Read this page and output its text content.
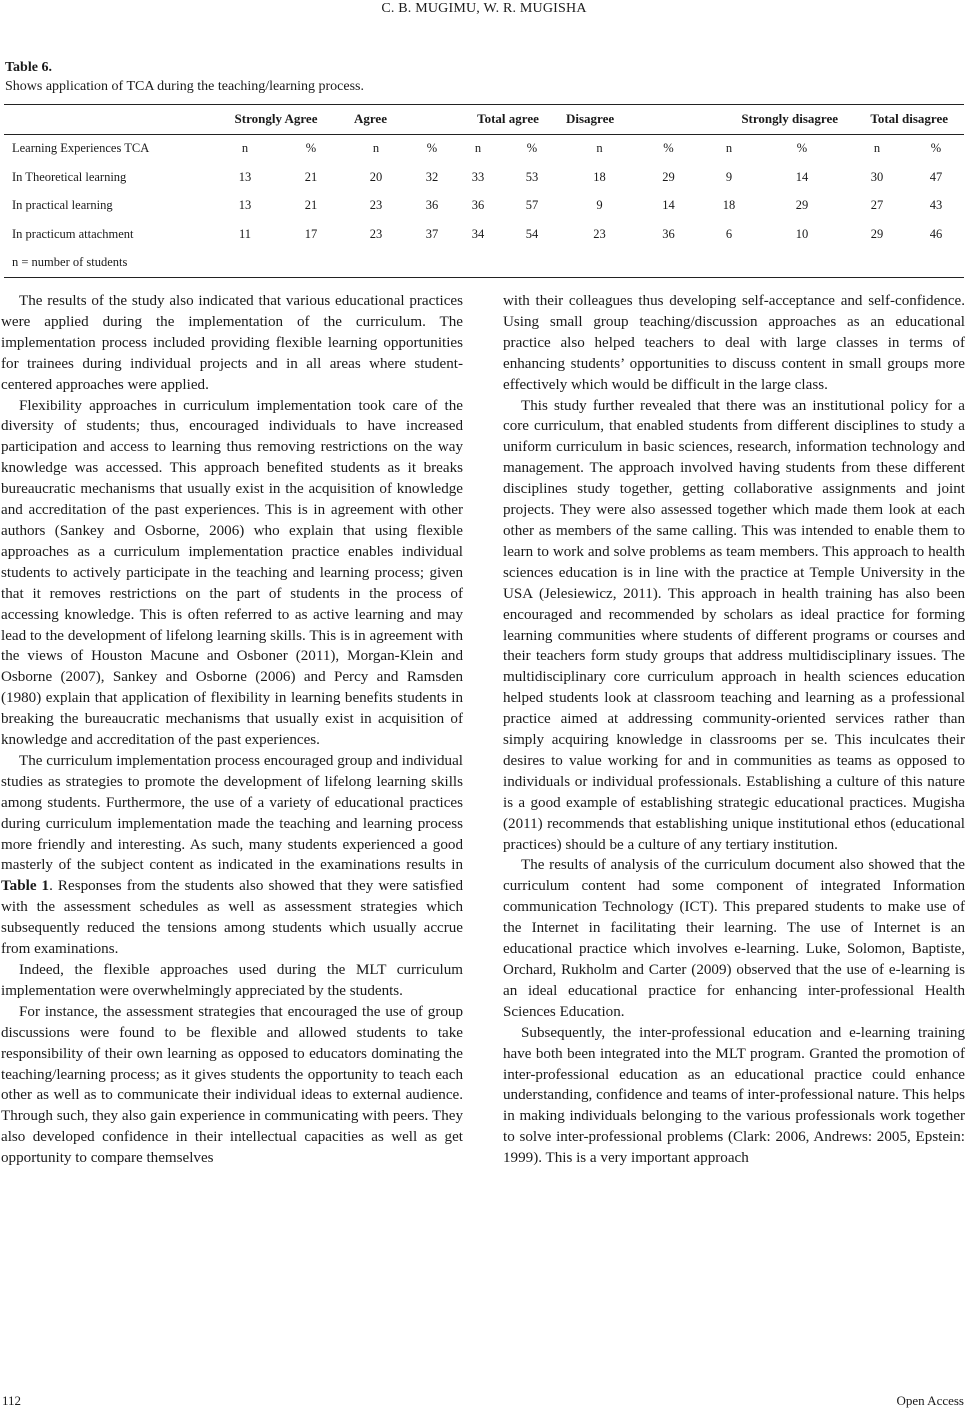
C. B. MUGIMU, W. R. MUGISHA
Table 6.
Shows application of TCA during the teaching/learning process.
	Strongly Agree		Agree		Total agree		Disagree		Strongly disagree		Total disagree	
Learning Experiences TCA	n	%	n	%	n	%	n	%	n	%	n	%
In Theoretical learning	13	21	20	32	33	53	18	29	9	14	30	47
In practical learning	13	21	23	36	36	57	9	14	18	29	27	43
In practicum attachment	11	17	23	37	34	54	23	36	6	10	29	46
n = number of students												

The results of the study also indicated that various educational practices were applied during the implementation of the curriculum. The implementation process included providing flexible learning opportunities for trainees during individual projects and in all areas where student-centered approaches were applied.

Flexibility approaches in curriculum implementation took care of the diversity of students; thus, encouraged individuals to have increased participation and access to learning thus removing restrictions on the way knowledge was accessed. This approach benefited students as it breaks bureaucratic mechanisms that usually exist in the acquisition of knowledge and accreditation of the past experiences. This is in agreement with other authors (Sankey and Osborne, 2006) who explain that using flexible approaches as a curriculum implementation practice enables individual students to actively participate in the teaching and learning process; given that it removes restrictions on the part of students in the process of accessing knowledge. This is often referred to as active learning and may lead to the development of lifelong learning skills. This is in agreement with the views of Houston Macune and Osboner (2011), Morgan-Klein and Osborne (2007), Sankey and Osborne (2006) and Percy and Ramsden (1980) explain that application of flexibility in learning benefits students in breaking the bureaucratic mechanisms that usually exist in acquisition of knowledge and accreditation of the past experiences.

The curriculum implementation process encouraged group and individual studies as strategies to promote the development of lifelong learning skills among students. Furthermore, the use of a variety of educational practices during curriculum implementation made the teaching and learning process more friendly and interesting. As such, many students experienced a good masterly of the subject content as indicated in the examinations results in Table 1. Responses from the students also showed that they were satisfied with the assessment schedules as well as assessment strategies which subsequently reduced the tensions among students which usually accrue from examinations.

Indeed, the flexible approaches used during the MLT curriculum implementation were overwhelmingly appreciated by the students.

For instance, the assessment strategies that encouraged the use of group discussions were found to be flexible and allowed students to take responsibility of their own learning as opposed to educators dominating the teaching/learning process; as it gives students the opportunity to teach each other as well as to communicate their individual ideas to external audience. Through such, they also gain experience in communicating with peers. They also developed confidence in their intellectual capacities as well as get opportunity to compare themselves

with their colleagues thus developing self-acceptance and self-confidence. Using small group teaching/discussion approaches as an educational practice also helped teachers to deal with large classes in terms of enhancing students’ opportunities to discuss content in small groups more effectively which would be difficult in the large class.

This study further revealed that there was an institutional policy for a core curriculum, that enabled students from different disciplines to study a uniform curriculum in basic sciences, research, information technology and management. The approach involved having students from these different disciplines study together, getting collaborative assignments and joint projects. They were also assessed together which made them look at each other as members of the same calling. This was intended to enable them to learn to work and solve problems as team members. This approach to health sciences education is in line with the practice at Temple University in the USA (Jelesiewicz, 2011). This approach in health training has also been encouraged and recommended by scholars as ideal practice for forming learning communities where students of different programs or courses and their teachers form study groups that address multidisciplinary issues. The multidisciplinary core curriculum approach in health sciences education helped students look at classroom teaching and learning as a professional practice aimed at addressing community-oriented services rather than simply acquiring knowledge in classrooms per se. This inculcates their desires to value working for and in communities as teams as opposed to individuals or individual professionals. Establishing a culture of this nature is a good example of establishing strategic educational practices. Mugisha (2011) recommends that establishing unique institutional ethos (educational practices) should be a culture of any tertiary institution.

The results of analysis of the curriculum document also showed that the curriculum content had some component of integrated Information communication Technology (ICT). This prepared students to make use of the Internet in facilitating their learning. The use of Internet is an educational practice which involves e-learning. Luke, Solomon, Baptiste, Orchard, Rukholm and Carter (2009) observed that the use of e-learning is an ideal educational practice for enhancing inter-professional Health Sciences Education.

Subsequently, the inter-professional education and e-learning training have both been integrated into the MLT program. Granted the promotion of inter-professional education as an educational practice could enhance understanding, confidence and teams of inter-professional nature. This helps in making individuals belonging to the various professionals work together to solve inter-professional problems (Clark: 2006, Andrews: 2005, Epstein: 1999). This is a very important approach

112	Open Access
